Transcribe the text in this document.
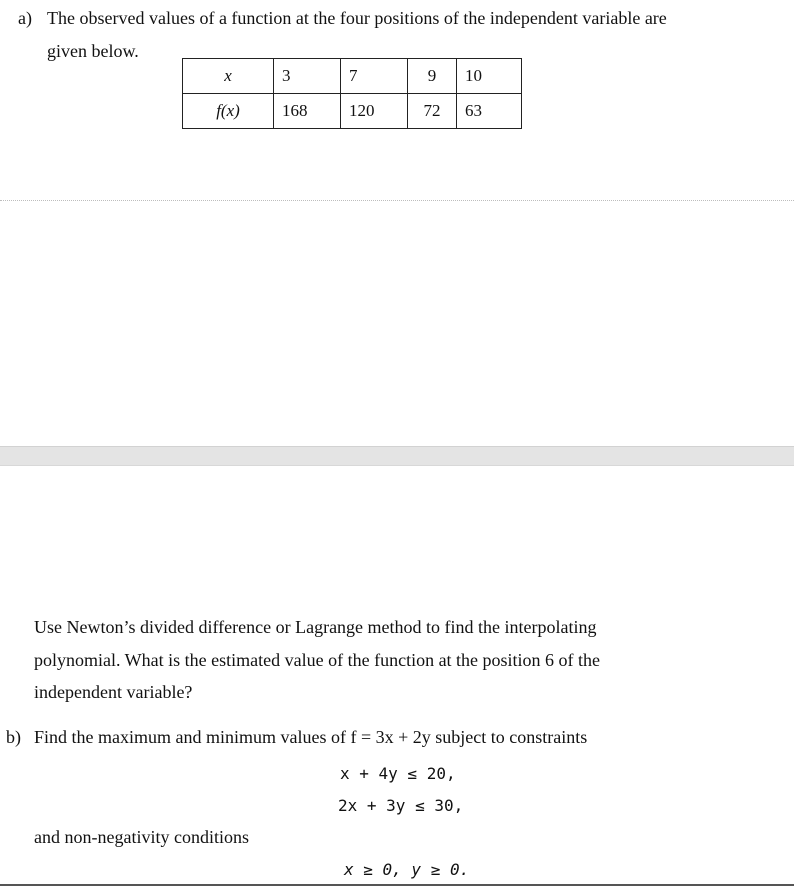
a) The observed values of a function at the four positions of the independent variable are
given below.
x	3	7	9	10
f(x)	168	120	72	63
Use Newton’s divided difference or Lagrange method to find the interpolating
polynomial. What is the estimated value of the function at the position 6 of the
independent variable?
b) Find the maximum and minimum values of f = 3x + 2y subject to constraints
x + 4y ≤ 20,
2x + 3y ≤ 30,
and non-negativity conditions
x ≥ 0, y ≥ 0.
